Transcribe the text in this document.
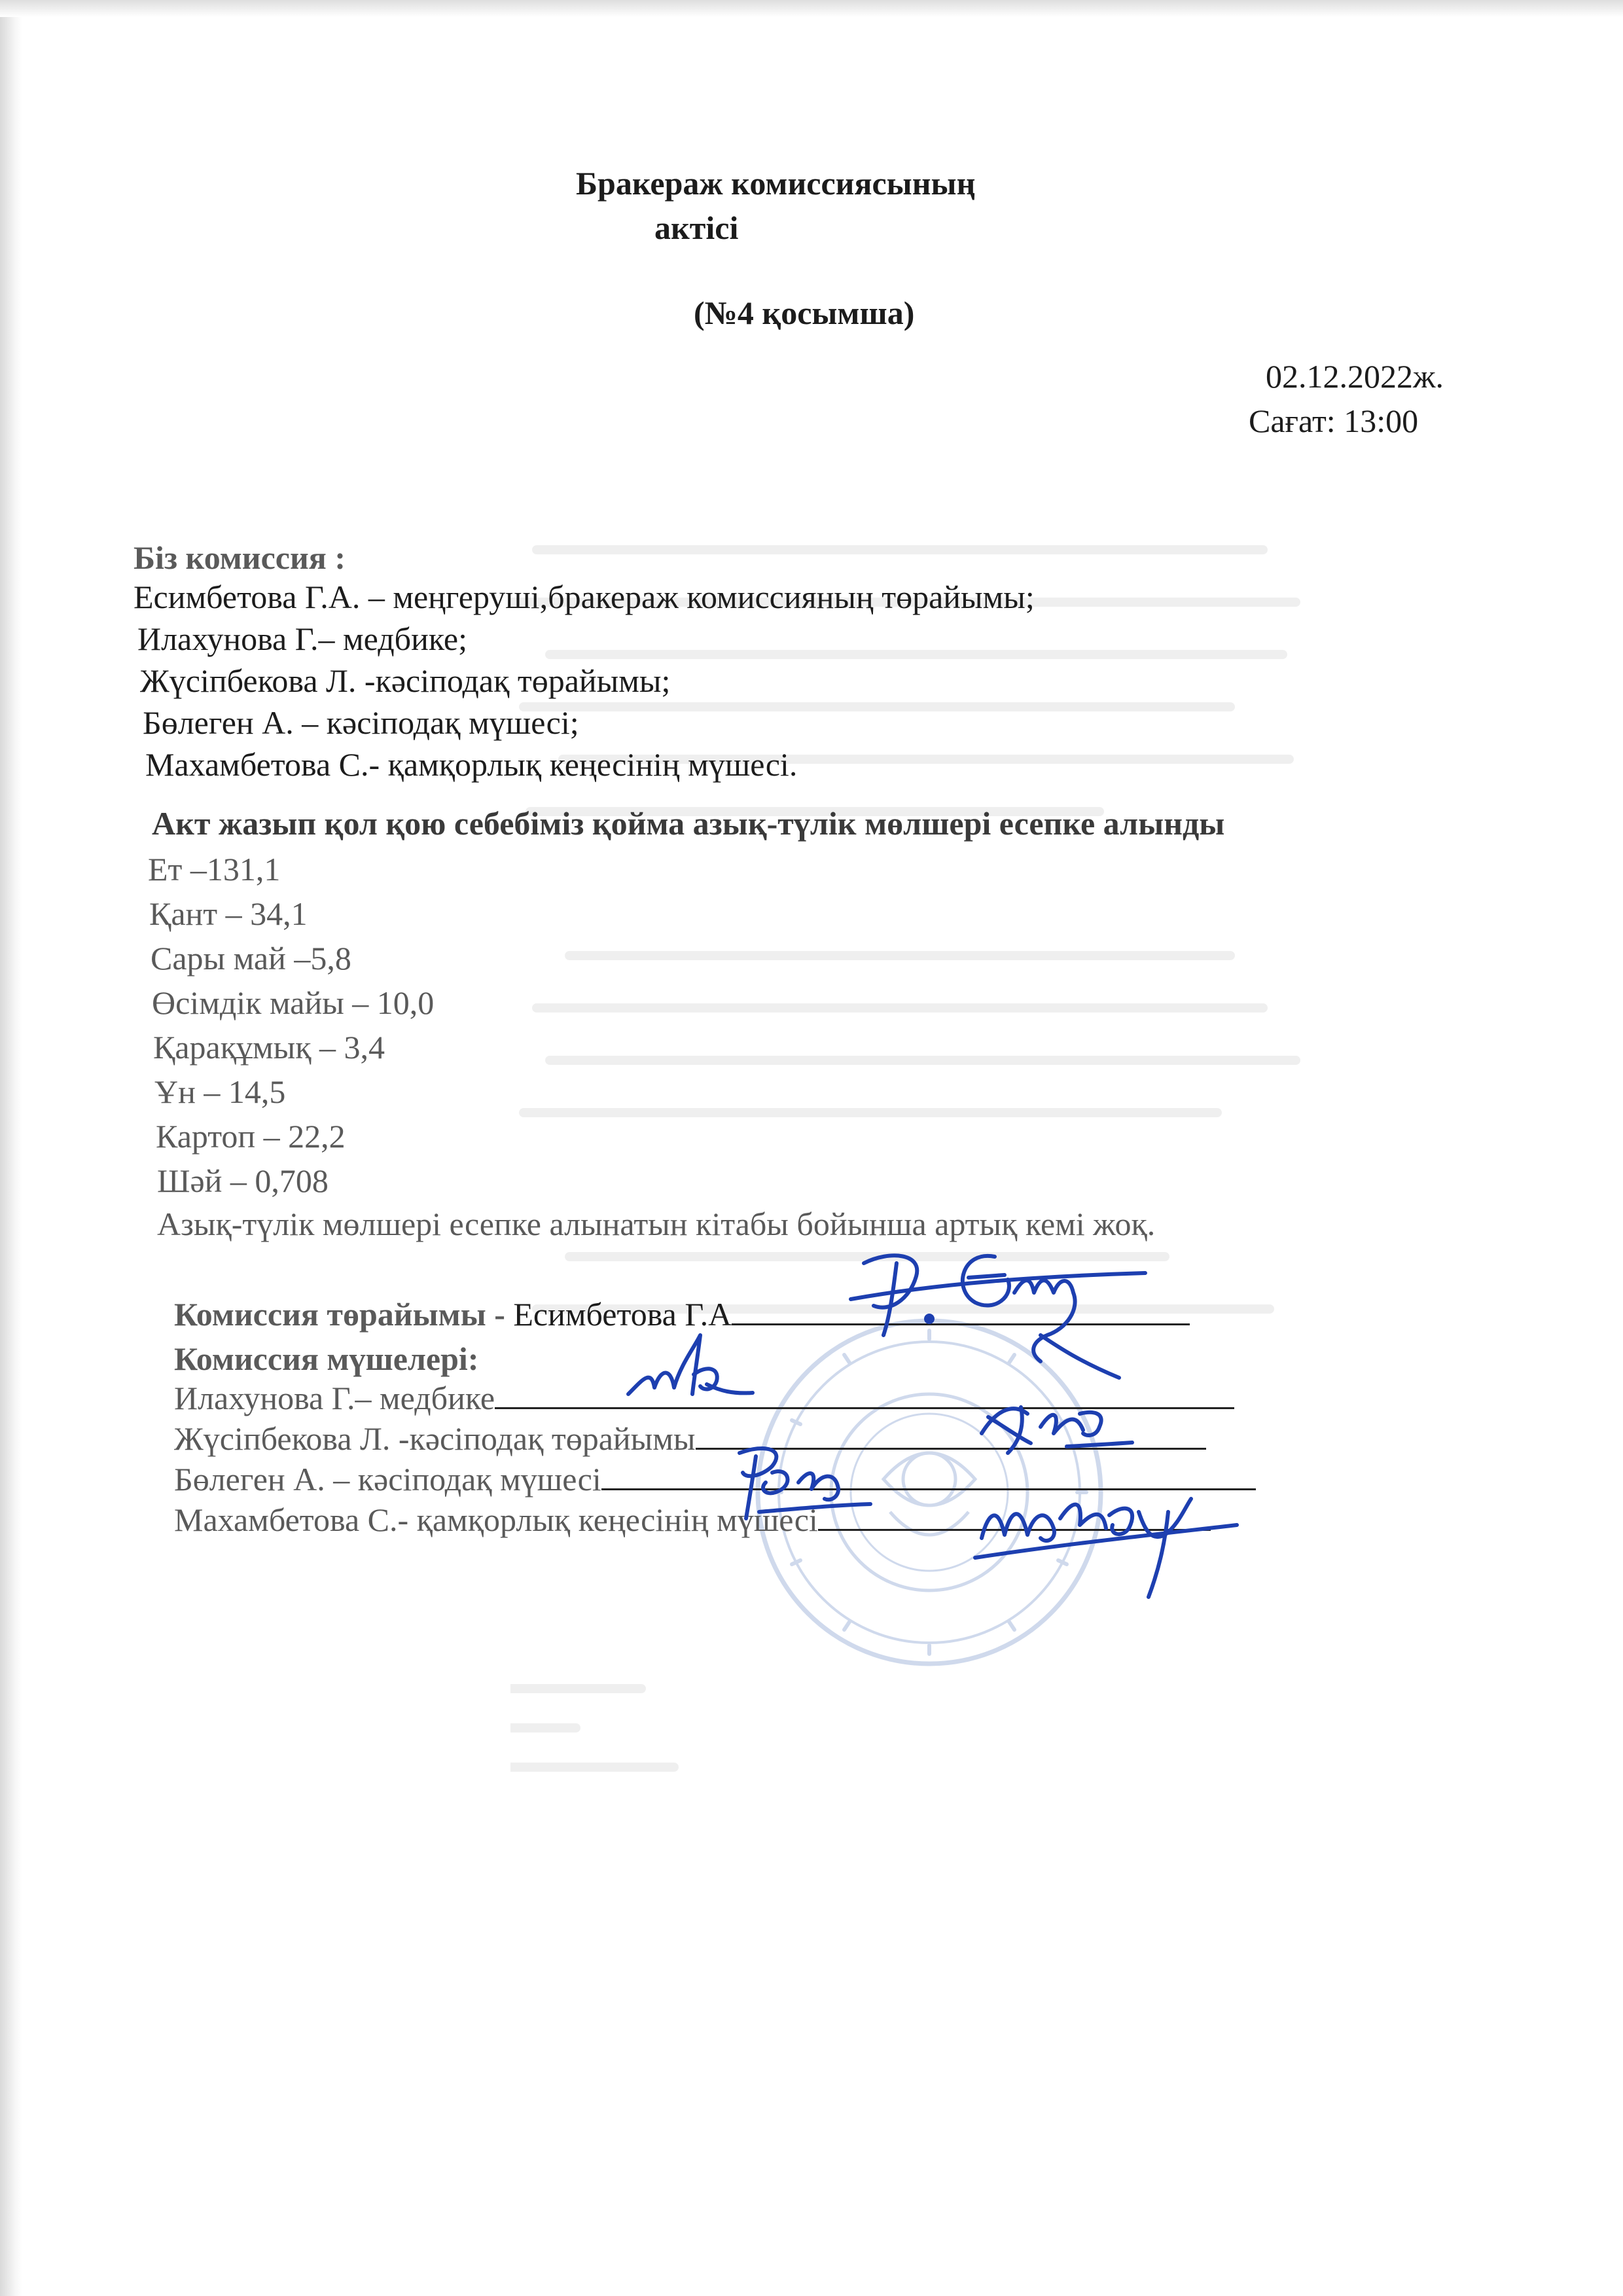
Бракераж комиссиясының
актісі
(№4 қосымша)
02.12.2022ж.
Сағат: 13:00
Біз комиссия :
Есимбетова Г.А. – меңгеруші,бракераж комиссияның төрайымы;
Илахунова Г.– медбике;
Жүсіпбекова Л. -кәсіподақ төрайымы;
Бөлеген А. – кәсіподақ мүшесі;
Махамбетова С.- қамқорлық кеңесінің мүшесі.
Акт жазып қол қою себебіміз қойма азық-түлік мөлшері есепке алынды
Ет –131,1
Қант – 34,1
Сары май –5,8
Өсімдік майы – 10,0
Қарақұмық – 3,4
Ұн – 14,5
Картоп – 22,2
Шәй – 0,708
Азық-түлік мөлшері есепке алынатын кітабы бойынша артық кемі жоқ.
Комиссия төрайымы - Есимбетова Г.А
Комиссия мүшелері:
Илахунова Г.– медбике
Жүсіпбекова Л. -кәсіподақ төрайымы
Бөлеген А. – кәсіподақ мүшесі
Махамбетова С.- қамқорлық кеңесінің мүшесі
